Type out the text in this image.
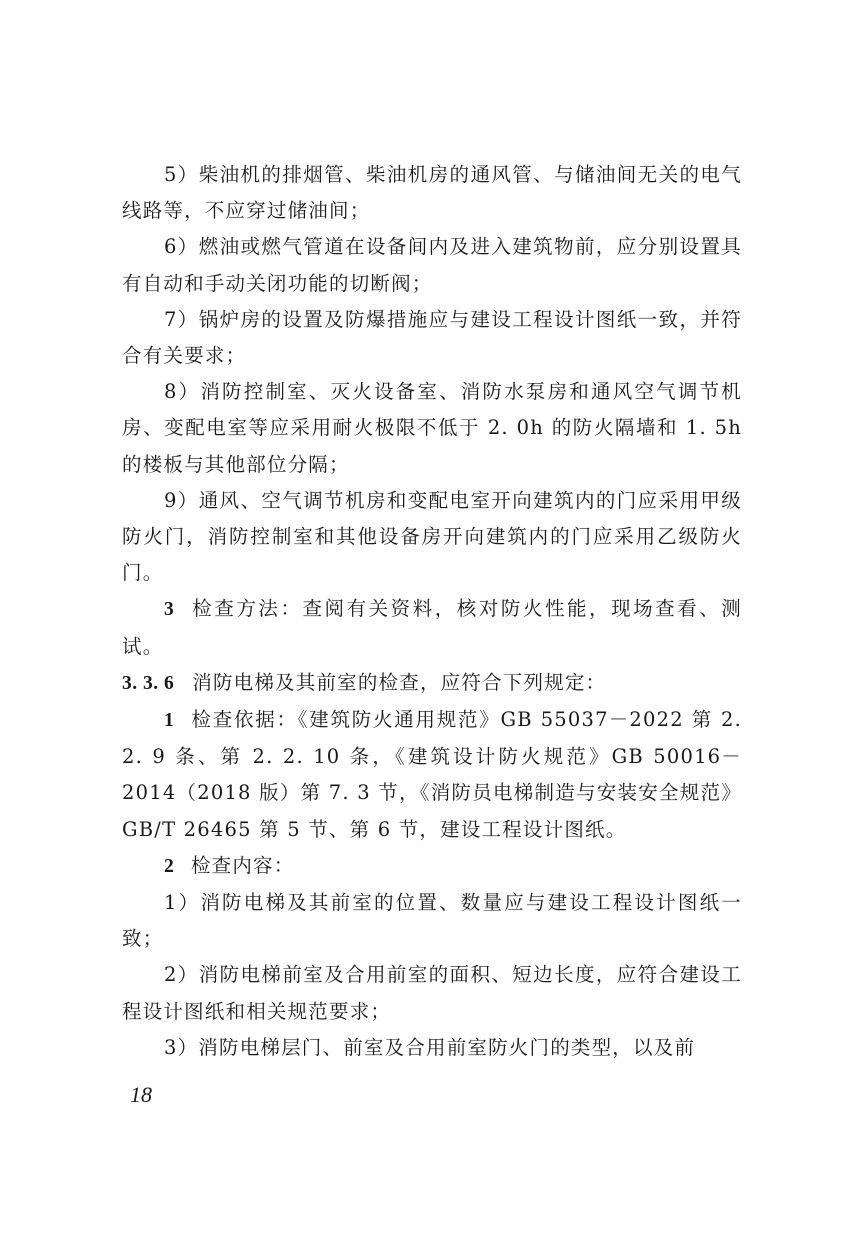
5）柴油机的排烟管、柴油机房的通风管、与储油间无关的电气线路等，不应穿过储油间；

6）燃油或燃气管道在设备间内及进入建筑物前，应分别设置具有自动和手动关闭功能的切断阀；

7）锅炉房的设置及防爆措施应与建设工程设计图纸一致，并符合有关要求；

8）消防控制室、灭火设备室、消防水泵房和通风空气调节机房、变配电室等应采用耐火极限不低于 2. 0h 的防火隔墙和 1. 5h 的楼板与其他部位分隔；

9）通风、空气调节机房和变配电室开向建筑内的门应采用甲级防火门，消防控制室和其他设备房开向建筑内的门应采用乙级防火门。

3 检查方法：查阅有关资料，核对防火性能，现场查看、测试。

3. 3. 6 消防电梯及其前室的检查，应符合下列规定：

1 检查依据：《建筑防火通用规范》GB 55037－2022 第 2. 2. 9 条、第 2. 2. 10 条，《建筑设计防火规范》GB 50016－2014（2018 版）第 7. 3 节，《消防员电梯制造与安装安全规范》GB/T 26465 第 5 节、第 6 节，建设工程设计图纸。

2 检查内容：

1）消防电梯及其前室的位置、数量应与建设工程设计图纸一致；

2）消防电梯前室及合用前室的面积、短边长度，应符合建设工程设计图纸和相关规范要求；

3）消防电梯层门、前室及合用前室防火门的类型，以及前

18
